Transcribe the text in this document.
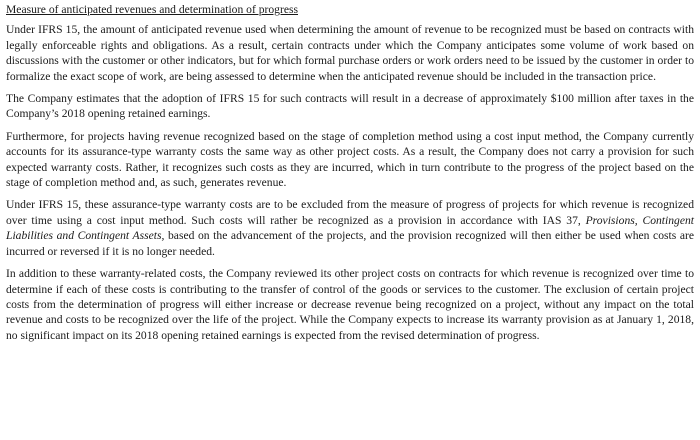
Measure of anticipated revenues and determination of progress

Under IFRS 15, the amount of anticipated revenue used when determining the amount of revenue to be recognized must be based on contracts with legally enforceable rights and obligations. As a result, certain contracts under which the Company anticipates some volume of work based on discussions with the customer or other indicators, but for which formal purchase orders or work orders need to be issued by the customer in order to formalize the exact scope of work, are being assessed to determine when the anticipated revenue should be included in the transaction price.

The Company estimates that the adoption of IFRS 15 for such contracts will result in a decrease of approximately $100 million after taxes in the Company’s 2018 opening retained earnings.

Furthermore, for projects having revenue recognized based on the stage of completion method using a cost input method, the Company currently accounts for its assurance-type warranty costs the same way as other project costs. As a result, the Company does not carry a provision for such expected warranty costs. Rather, it recognizes such costs as they are incurred, which in turn contribute to the progress of the project based on the stage of completion method and, as such, generates revenue.

Under IFRS 15, these assurance-type warranty costs are to be excluded from the measure of progress of projects for which revenue is recognized over time using a cost input method. Such costs will rather be recognized as a provision in accordance with IAS 37, Provisions, Contingent Liabilities and Contingent Assets, based on the advancement of the projects, and the provision recognized will then either be used when costs are incurred or reversed if it is no longer needed.

In addition to these warranty-related costs, the Company reviewed its other project costs on contracts for which revenue is recognized over time to determine if each of these costs is contributing to the transfer of control of the goods or services to the customer. The exclusion of certain project costs from the determination of progress will either increase or decrease revenue being recognized on a project, without any impact on the total revenue and costs to be recognized over the life of the project. While the Company expects to increase its warranty provision as at January 1, 2018, no significant impact on its 2018 opening retained earnings is expected from the revised determination of progress.
